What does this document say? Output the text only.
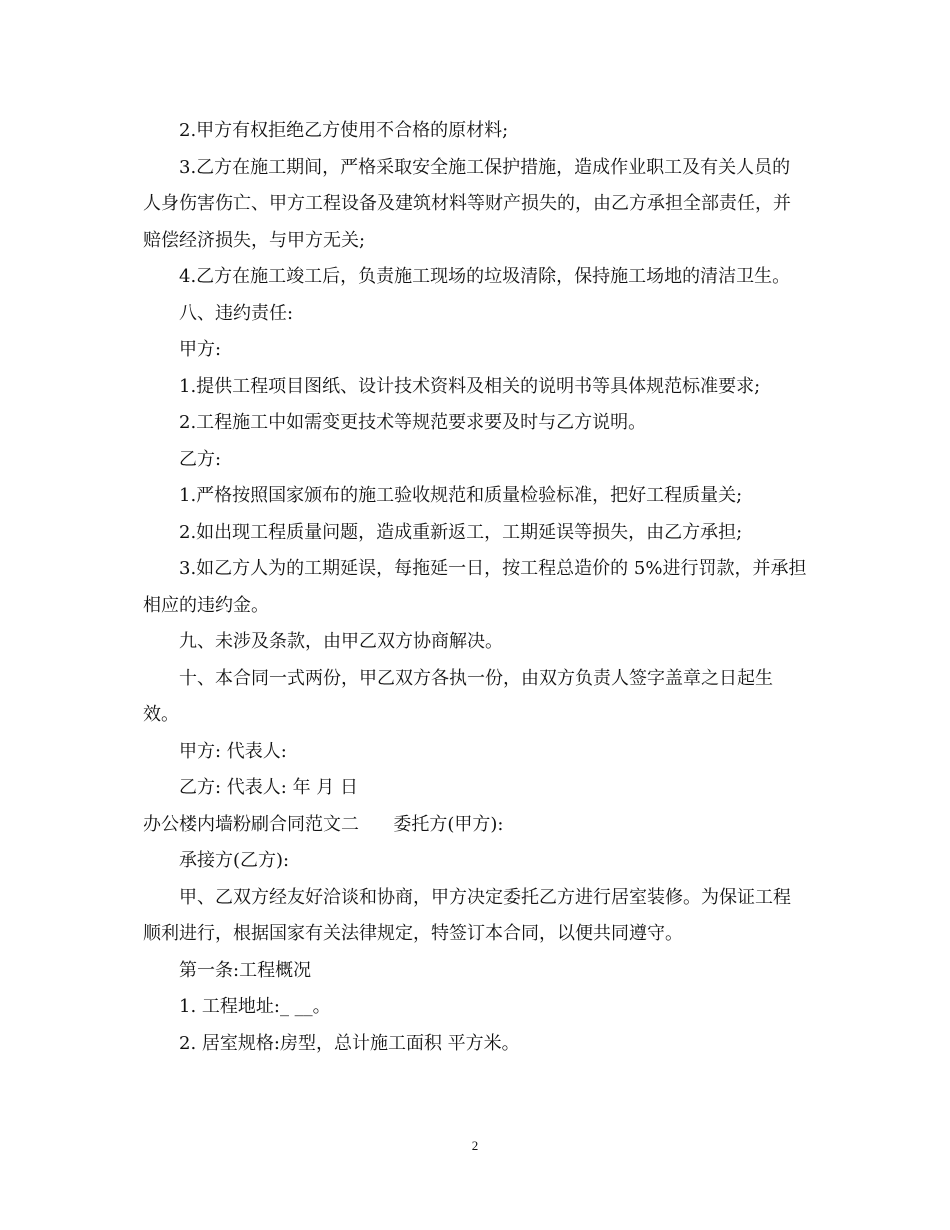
2.甲方有权拒绝乙方使用不合格的原材料;

3.乙方在施工期间，严格采取安全施工保护措施，造成作业职工及有关人员的人身伤害伤亡、甲方工程设备及建筑材料等财产损失的，由乙方承担全部责任，并赔偿经济损失，与甲方无关;

4.乙方在施工竣工后，负责施工现场的垃圾清除，保持施工场地的清洁卫生。

八、违约责任:

甲方:

1.提供工程项目图纸、设计技术资料及相关的说明书等具体规范标准要求;

2.工程施工中如需变更技术等规范要求要及时与乙方说明。

乙方:

1.严格按照国家颁布的施工验收规范和质量检验标准，把好工程质量关;

2.如出现工程质量问题，造成重新返工，工期延误等损失，由乙方承担;

3.如乙方人为的工期延误，每拖延一日，按工程总造价的 5%进行罚款，并承担相应的违约金。

九、未涉及条款，由甲乙双方协商解决。

十、本合同一式两份，甲乙双方各执一份，由双方负责人签字盖章之日起生效。

甲方: 代表人:

乙方: 代表人: 年 月 日

办公楼内墙粉刷合同范文二      委托方(甲方):

承接方(乙方):

甲、乙双方经友好洽谈和协商，甲方决定委托乙方进行居室装修。为保证工程顺利进行，根据国家有关法律规定，特签订本合同，以便共同遵守。

第一条:工程概况

1. 工程地址:_ __。

2. 居室规格:房型，总计施工面积 平方米。

2
